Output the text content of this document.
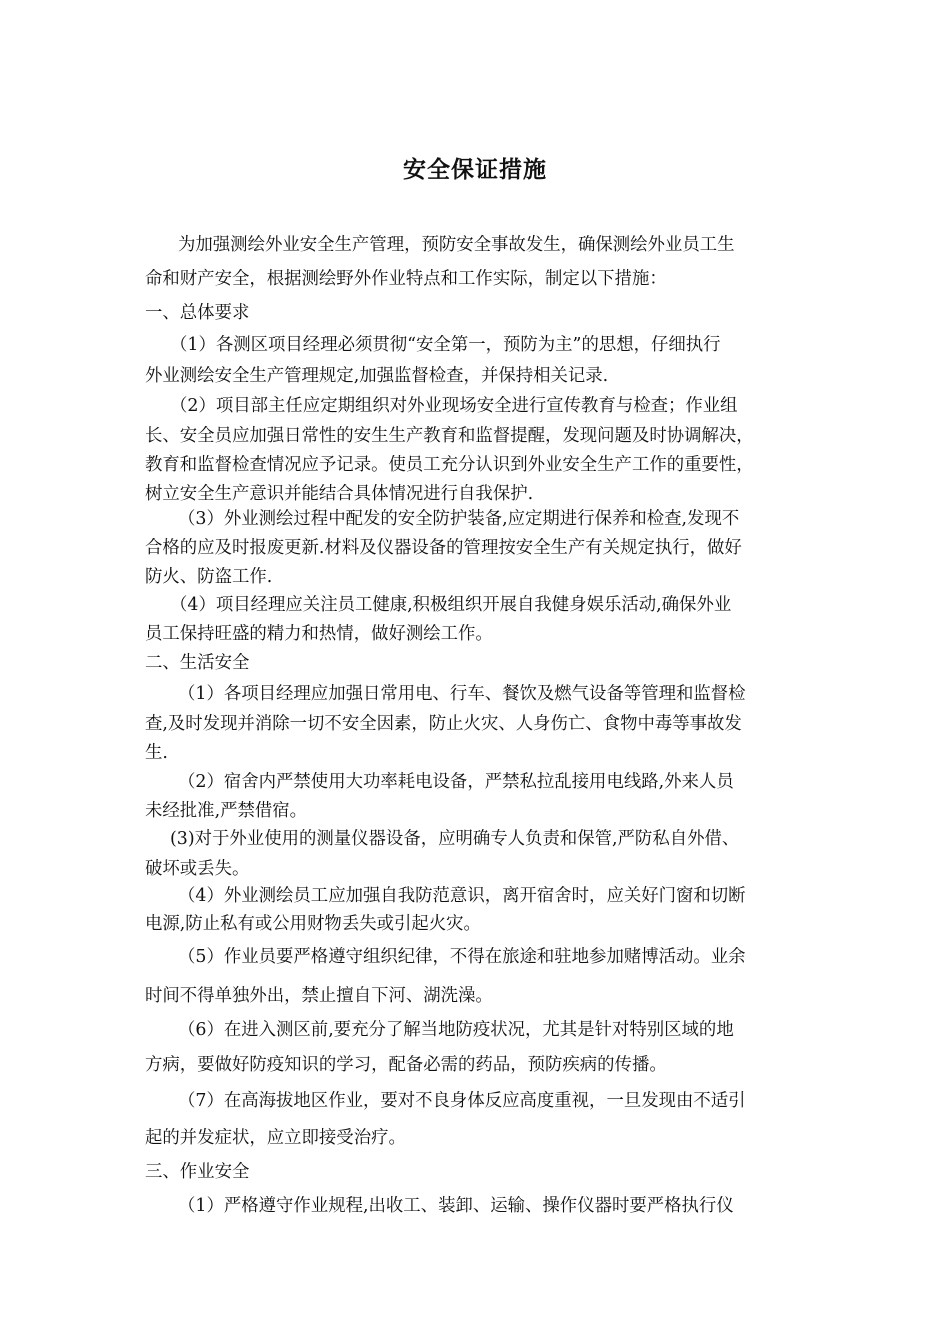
安全保证措施
为加强测绘外业安全生产管理，预防安全事故发生，确保测绘外业员工生
命和财产安全，根据测绘野外作业特点和工作实际，制定以下措施：
一、总体要求
（1）各测区项目经理必须贯彻“安全第一，预防为主”的思想，仔细执行
外业测绘安全生产管理规定,加强监督检查，并保持相关记录.
（2）项目部主任应定期组织对外业现场安全进行宣传教育与检查；作业组
长、安全员应加强日常性的安生生产教育和监督提醒，发现问题及时协调解决，
教育和监督检查情况应予记录。使员工充分认识到外业安全生产工作的重要性，
树立安全生产意识并能结合具体情况进行自我保护.
（3）外业测绘过程中配发的安全防护装备,应定期进行保养和检查,发现不
合格的应及时报废更新.材料及仪器设备的管理按安全生产有关规定执行，做好
防火、防盗工作.
（4）项目经理应关注员工健康,积极组织开展自我健身娱乐活动,确保外业
员工保持旺盛的精力和热情，做好测绘工作。
二、生活安全
（1）各项目经理应加强日常用电、行车、餐饮及燃气设备等管理和监督检
查,及时发现并消除一切不安全因素，防止火灾、人身伤亡、食物中毒等事故发
生.
（2）宿舍内严禁使用大功率耗电设备，严禁私拉乱接用电线路,外来人员
未经批准,严禁借宿。
(3)对于外业使用的测量仪器设备，应明确专人负责和保管,严防私自外借、
破坏或丢失。
（4）外业测绘员工应加强自我防范意识，离开宿舍时，应关好门窗和切断
电源,防止私有或公用财物丢失或引起火灾。
（5）作业员要严格遵守组织纪律，不得在旅途和驻地参加赌博活动。业余
时间不得单独外出，禁止擅自下河、湖洗澡。
（6）在进入测区前,要充分了解当地防疫状况，尤其是针对特别区域的地
方病，要做好防疫知识的学习，配备必需的药品，预防疾病的传播。
（7）在高海拔地区作业，要对不良身体反应高度重视，一旦发现由不适引
起的并发症状，应立即接受治疗。
三、作业安全
（1）严格遵守作业规程,出收工、装卸、运输、操作仪器时要严格执行仪
